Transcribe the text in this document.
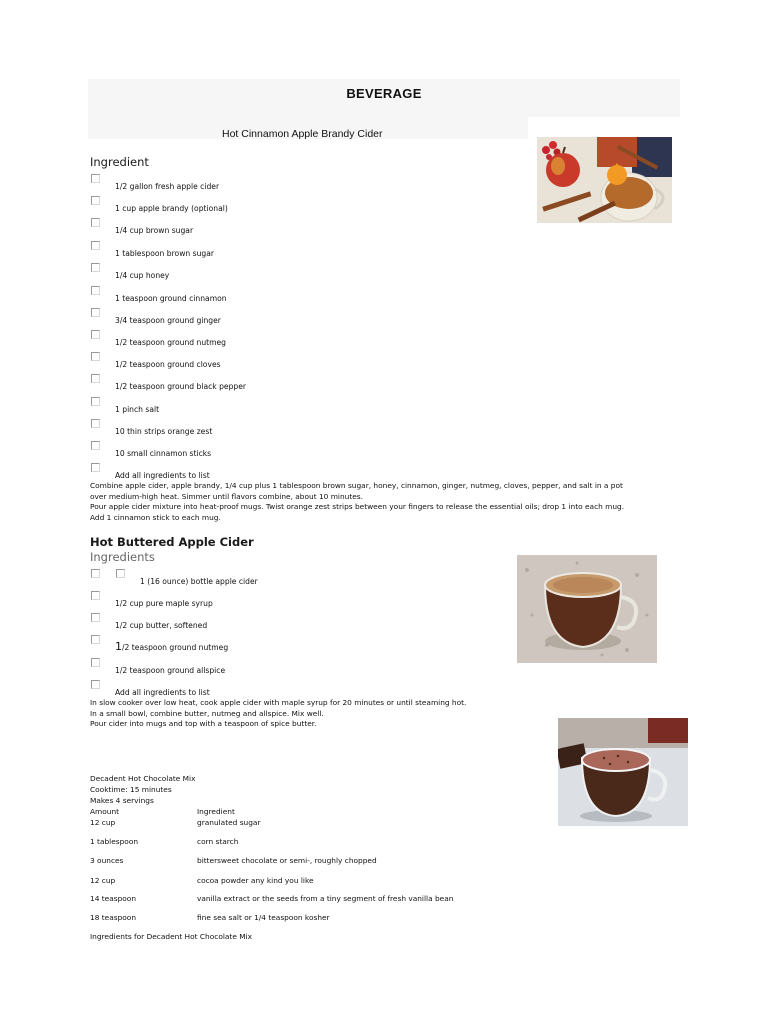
BEVERAGE
Hot Cinnamon Apple Brandy Cider
Ingredient
1/2 gallon fresh apple cider
1 cup apple brandy (optional)
1/4 cup brown sugar
1 tablespoon brown sugar
1/4 cup honey
1 teaspoon ground cinnamon
3/4 teaspoon ground ginger
1/2 teaspoon ground nutmeg
1/2 teaspoon ground cloves
1/2 teaspoon ground black pepper
1 pinch salt
10 thin strips orange zest
10 small cinnamon sticks
Add all ingredients to list
Combine apple cider, apple brandy, 1/4 cup plus 1 tablespoon brown sugar, honey, cinnamon, ginger, nutmeg, cloves, pepper, and salt in a pot
over medium-high heat. Simmer until flavors combine, about 10 minutes.
Pour apple cider mixture into heat-proof mugs. Twist orange zest strips between your fingers to release the essential oils; drop 1 into each mug.
Add 1 cinnamon stick to each mug.
Hot Buttered Apple Cider
Ingredients
1 (16 ounce) bottle apple cider
1/2 cup pure maple syrup
1/2 cup butter, softened
1/2 teaspoon ground nutmeg
1/2 teaspoon ground allspice
Add all ingredients to list
In slow cooker over low heat, cook apple cider with maple syrup for 20 minutes or until steaming hot.
In a small bowl, combine butter, nutmeg and allspice. Mix well.
Pour cider into mugs and top with a teaspoon of spice butter.
Decadent Hot Chocolate Mix
Cooktime: 15 minutes
Makes 4 servings
Amount	Ingredient
12 cup	granulated sugar
1 tablespoon	corn starch
3 ounces	bittersweet chocolate or semi-, roughly chopped
12 cup	cocoa powder any kind you like
14 teaspoon	vanilla extract or the seeds from a tiny segment of fresh vanilla bean
18 teaspoon	fine sea salt or 1/4 teaspoon kosher
Ingredients for Decadent Hot Chocolate Mix
